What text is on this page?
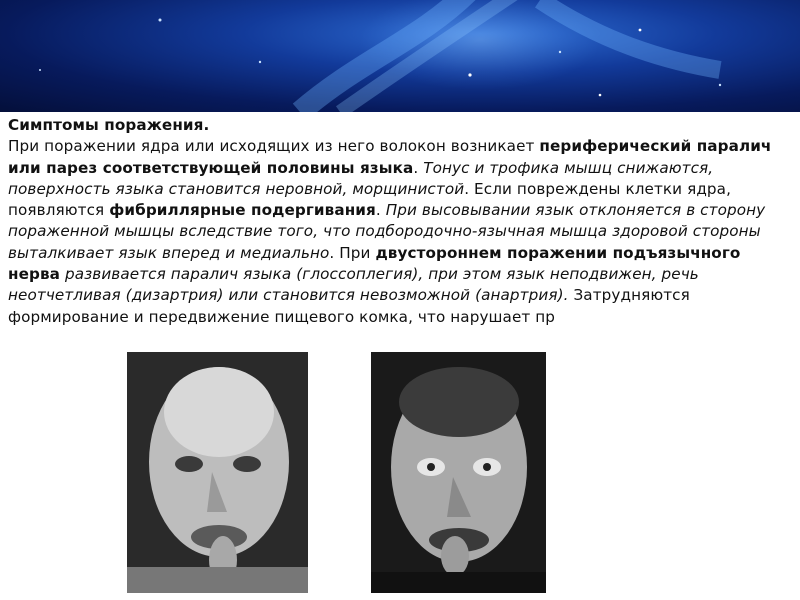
Симптомы поражения.
При поражении ядра или исходящих из него волокон возникает периферический паралич или парез соответствующей половины языка. Тонус и трофика мышц снижаются, поверхность языка становится неровной, морщинистой. Если повреждены клетки ядра, появляются фибриллярные подергивания. При высовывании язык отклоняется в сторону пораженной мышцы вследствие того, что подбородочно-язычная мышца здоровой стороны выталкивает язык вперед и медиально. При двустороннем поражении подъязычного нерва развивается паралич языка (глоссоплегия), при этом язык неподвижен, речь неотчетливая (дизартрия) или становится невозможной (анартрия). Затрудняются формирование и передвижение пищевого комка, что нарушает пр
